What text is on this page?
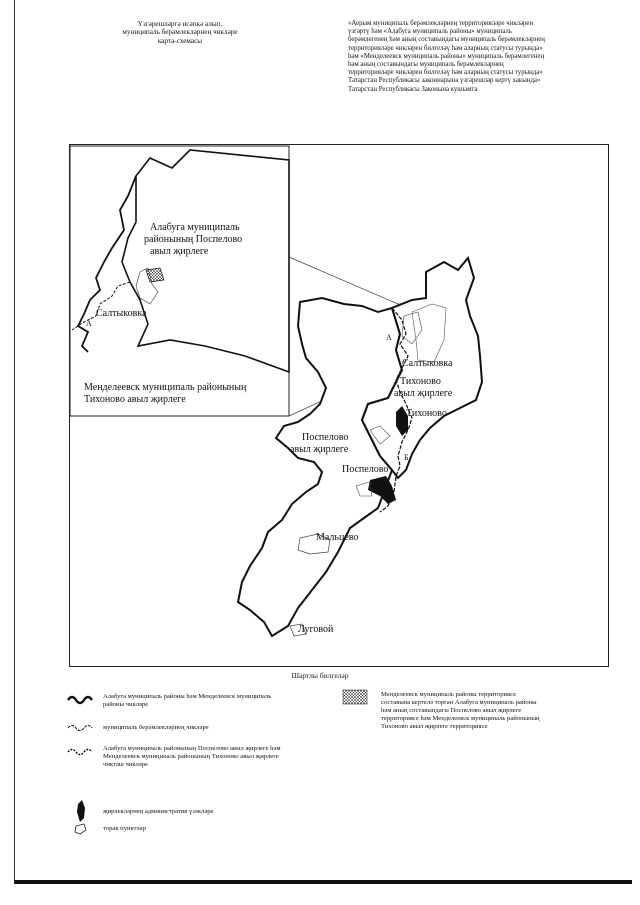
Үзгәрешләргә исәпкә алып,
муниципаль берәмлекләрнең чикләре
карта-схемасы
«Аерым муниципаль берәмлекләрнең территорияләре чикләрен
үзгәртү һәм «Алабуга муниципаль районы» муниципаль
берәмлегенең һәм аның составындагы муниципаль берәмлекләрнең
территорияләре чикләрен билгеләү һәм аларның статусы турында»
һәм «Менделеевск муниципаль районы» муниципаль берәмлегенең
һәм аның составындагы муниципаль берәмлекләрнең
территорияләре чикләрен билгеләү һәм аларның статусы турында»
Татарстан Республикасы законнарына үзгәрешләр кертү хакында»
Татарстан Республикасы Законына кушымта
Алабуга муниципаль
районының Поспелово
авыл җирлеге
Салтыковка
А
Менделеевск муниципаль районының
Тихоново авыл җирлеге
А
Б
Салтыковка
Тихоново
авыл җирлеге
Тихоново
Поспелово
авыл җирлеге
Поспелово
Мальцево
Луговой
Шартлы билгеләр
Алабуга муниципаль районы һәм Менделеевск муниципаль
районы чикләре
муниципаль берәмлекләрнең чикләре
Алабуга муниципаль районының Поспелово авыл җирлеге һәм
Менделеевск муниципаль районының Тихоново авыл җирлеге
чиктәш чикләре
җирлекләрнең административ үзәкләре
торак пунктлар
Менделеевск муниципаль районы территориясе
составына кертелә торган Алабуга муниципаль районы
һәм аның составындагы Поспелово авыл җирлеге
территориясе һәм Менделеевск муниципаль районының
Тихоново авыл җирлеге территориясе
